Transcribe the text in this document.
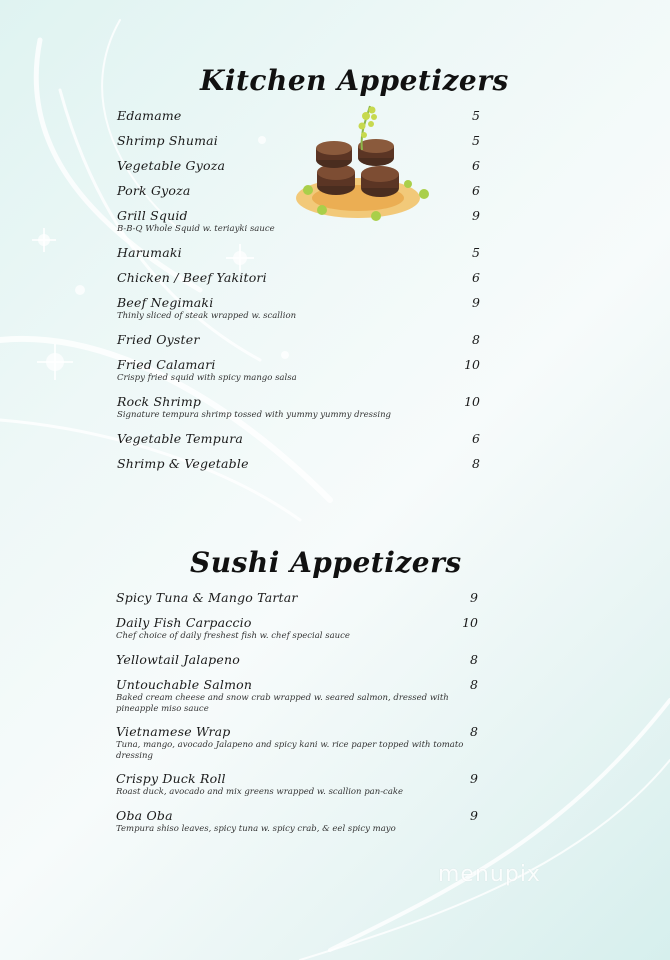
Kitchen Appetizers
Edamame	5
Shrimp Shumai	5
Vegetable Gyoza	6
Pork Gyoza	6
Grill Squid	9
B-B-Q Whole Squid w. teriayki sauce
Harumaki	5
Chicken / Beef Yakitori	6
Beef Negimaki	9
Thinly sliced of steak wrapped w. scallion
Fried Oyster	8
Fried Calamari	10
Crispy fried squid with spicy mango salsa
Rock Shrimp	10
Signature tempura shrimp tossed with yummy yummy dressing
Vegetable Tempura	6
Shrimp & Vegetable	8
Sushi Appetizers
Spicy Tuna & Mango Tartar	9
Daily Fish Carpaccio	10
Chef choice of daily freshest fish w. chef special sauce
Yellowtail Jalapeno	8
Untouchable Salmon	8
Baked cream cheese and snow crab wrapped w. seared salmon, dressed with pineapple miso sauce
Vietnamese Wrap	8
Tuna, mango, avocado Jalapeno and spicy kani w. rice paper topped with tomato dressing
Crispy Duck Roll	9
Roast duck, avocado and mix greens wrapped w. scallion pan-cake
Oba Oba	9
Tempura shiso leaves, spicy tuna w. spicy crab, & eel spicy mayo
menupix
